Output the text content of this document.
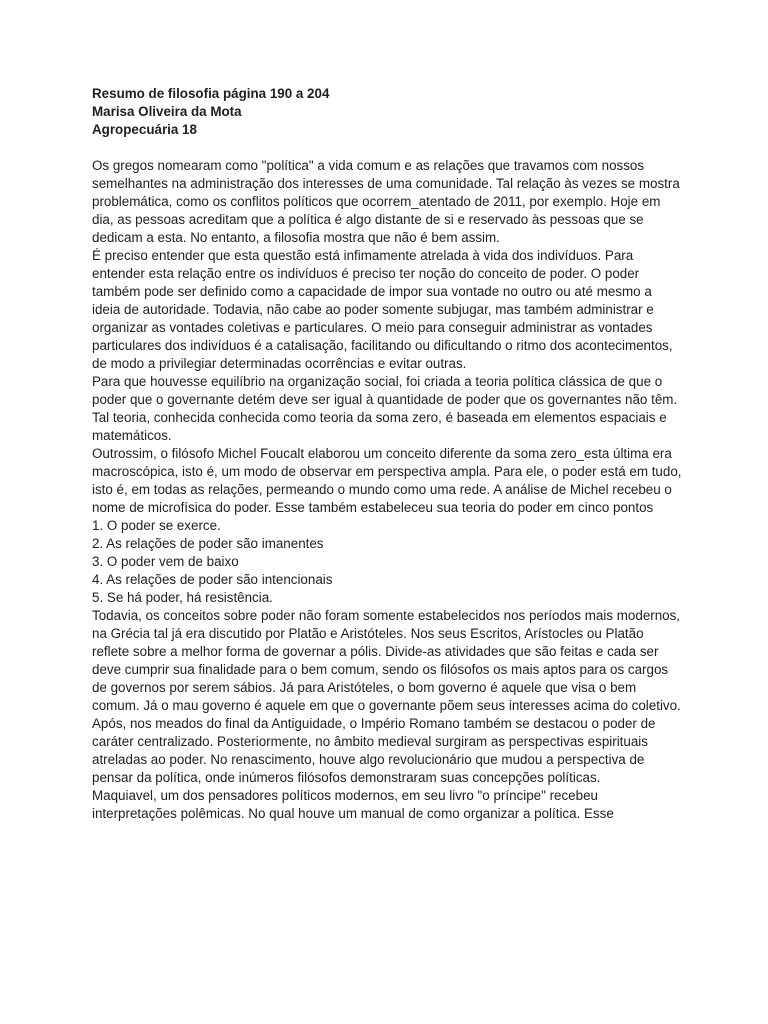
Resumo de filosofia página 190 a 204
Marisa Oliveira da Mota
Agropecuária 18

Os gregos nomearam como "política" a vida comum e as relações que travamos com nossos semelhantes na administração dos interesses de uma comunidade. Tal relação às vezes se mostra problemática, como os conflitos políticos que ocorrem_atentado de 2011, por exemplo. Hoje em dia, as pessoas acreditam que a política é algo distante de si e reservado às pessoas que se dedicam a esta. No entanto, a filosofia mostra que não é bem assim.

É preciso entender que esta questão está infimamente atrelada à vida dos indivíduos. Para entender esta relação entre os indivíduos é preciso ter noção do conceito de poder. O poder também pode ser definido como a capacidade de impor sua vontade no outro ou até mesmo a ideia de autoridade. Todavia, não cabe ao poder somente subjugar, mas também administrar e organizar as vontades coletivas e particulares. O meio para conseguir administrar as vontades particulares dos indivíduos é a catalisação, facilitando ou dificultando o ritmo dos acontecimentos, de modo a privilegiar determinadas ocorrências e evitar outras.

Para que houvesse equilíbrio na organização social, foi criada a teoria política clássica de que o poder que o governante detém deve ser igual à quantidade de poder que os governantes não têm. Tal teoria, conhecida conhecida como teoria da soma zero, é baseada em elementos espaciais e matemáticos.

Outrossim, o filósofo Michel Foucalt elaborou um conceito diferente da soma zero_esta última era macroscópica, isto é, um modo de observar em perspectiva ampla. Para ele, o poder está em tudo, isto é, em todas as relações, permeando o mundo como uma rede. A análise de Michel recebeu o nome de microfísica do poder. Esse também estabeleceu sua teoria do poder em cinco pontos

1. O poder se exerce.
2. As relações de poder são imanentes
3. O poder vem de baixo
4. As relações de poder são intencionais
5. Se há poder, há resistência.

Todavia, os conceitos sobre poder não foram somente estabelecidos nos períodos mais modernos, na Grécia tal já era discutido por Platão e Aristóteles. Nos seus Escritos, Arístocles ou Platão reflete sobre a melhor forma de governar a pólis. Divide-as atividades que são feitas e cada ser deve cumprir sua finalidade para o bem comum, sendo os filósofos os mais aptos para os cargos de governos por serem sábios. Já para Aristóteles, o bom governo é aquele que visa o bem comum. Já o mau governo é aquele em que o governante põem seus interesses acima do coletivo.

Após, nos meados do final da Antiguidade, o Império Romano também se destacou o poder de caráter centralizado. Posteriormente, no âmbito medieval surgiram as perspectivas espirituais atreladas ao poder. No renascimento, houve algo revolucionário que mudou a perspectiva de pensar da política, onde inúmeros filósofos demonstraram suas concepções políticas.

Maquiavel, um dos pensadores políticos modernos, em seu livro "o príncipe" recebeu interpretações polêmicas. No qual houve um manual de como organizar a política. Esse
